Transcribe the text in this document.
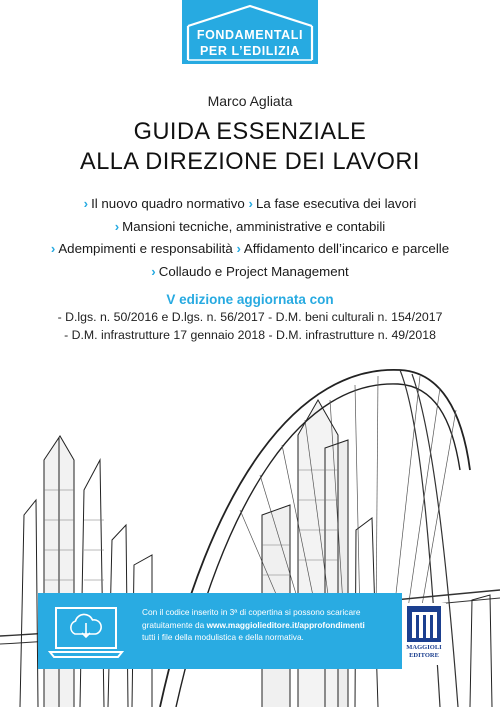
FONDAMENTALI
PER L’EDILIZIA
Marco Agliata
GUIDA ESSENZIALE
ALLA DIREZIONE DEI LAVORI
› Il nuovo quadro normativo › La fase esecutiva dei lavori
› Mansioni tecniche, amministrative e contabili
› Adempimenti e responsabilità › Affidamento dell’incarico e parcelle
› Collaudo e Project Management
V edizione aggiornata con
- D.lgs. n. 50/2016 e D.lgs. n. 56/2017 - D.M. beni culturali n. 154/2017
- D.M. infrastrutture 17 gennaio 2018 - D.M. infrastrutture n. 49/2018
Con il codice inserito in 3ª di copertina si possono scaricare
gratuitamente da www.maggiolieditore.it/approfondimenti
tutti i file della modulistica e della normativa.
MAGGIOLI
EDITORE
